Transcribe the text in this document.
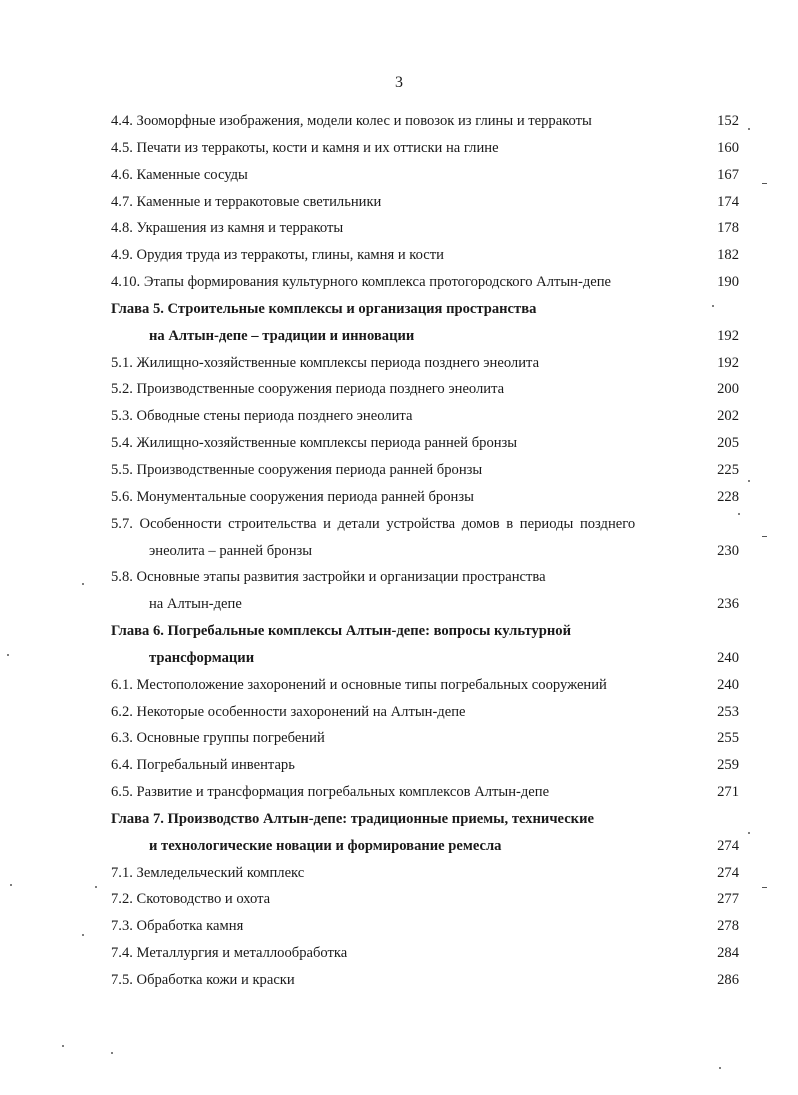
3
4.4. Зооморфные изображения, модели колес и повозок из глины и терракоты	152
4.5. Печати из терракоты, кости и камня и их оттиски на глине	160
4.6. Каменные сосуды	167
4.7. Каменные и терракотовые светильники	174
4.8. Украшения из камня и терракоты	178
4.9. Орудия труда из терракоты, глины, камня и кости	182
4.10. Этапы формирования культурного комплекса протогородского Алтын-депе	190
Глава 5. Строительные комплексы и организация пространства
на Алтын-депе – традиции и инновации	192
5.1. Жилищно-хозяйственные комплексы периода позднего энеолита	192
5.2. Производственные сооружения периода позднего энеолита	200
5.3. Обводные стены периода позднего энеолита	202
5.4. Жилищно-хозяйственные комплексы периода ранней бронзы	205
5.5. Производственные сооружения периода ранней бронзы	225
5.6. Монументальные сооружения периода ранней бронзы	228
5.7. Особенности строительства и детали устройства домов в периоды позднего
энеолита – ранней бронзы	230
5.8. Основные этапы развития застройки и организации пространства
на Алтын-депе	236
Глава 6. Погребальные комплексы Алтын-депе: вопросы культурной
трансформации	240
6.1. Местоположение захоронений и основные типы погребальных сооружений	240
6.2. Некоторые особенности захоронений на Алтын-депе	253
6.3. Основные группы погребений	255
6.4. Погребальный инвентарь	259
6.5. Развитие и трансформация погребальных комплексов Алтын-депе	271
Глава 7. Производство Алтын-депе: традиционные приемы, технические
и технологические новации и формирование ремесла	274
7.1. Земледельческий комплекс	274
7.2. Скотоводство и охота	277
7.3. Обработка камня	278
7.4. Металлургия и металлообработка	284
7.5. Обработка кожи и краски	286
